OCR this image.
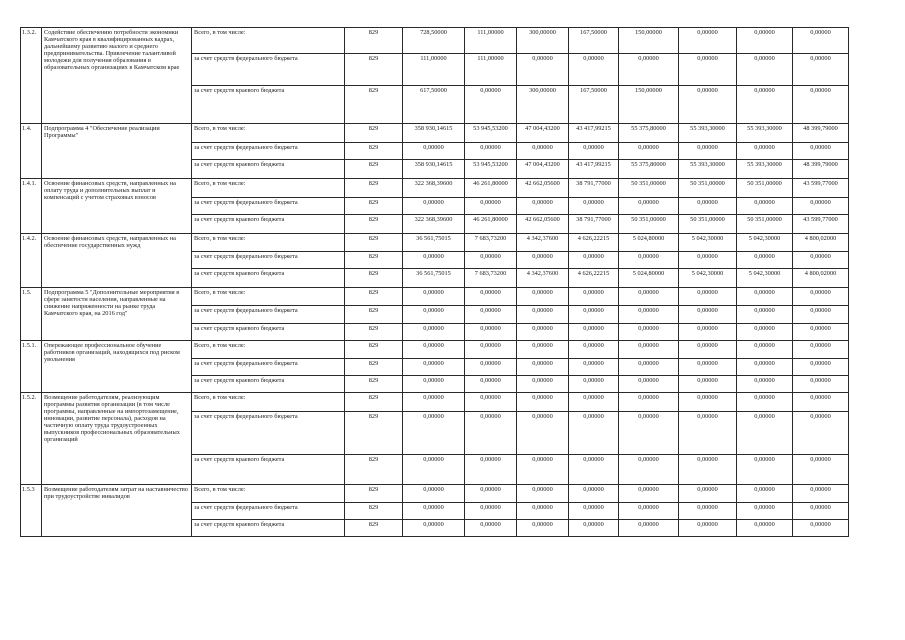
1.3.2.	Содействие обеспечению потребности экономики Камчатского края в квалифицированных кадрах, дальнейшему развитию малого и среднего предпринимательства. Привлечение талантливой молодежи для получения образования в образовательных организациях в Камчатском крае	Всего, в том числе:	829	728,50000	111,00000	300,00000	167,50000	150,00000	0,00000	0,00000	0,00000
		за счет средств федерального бюджета	829	111,00000	111,00000	0,00000	0,00000	0,00000	0,00000	0,00000	0,00000
		за счет средств краевого бюджета	829	617,50000	0,00000	300,00000	167,50000	150,00000	0,00000	0,00000	0,00000
1.4.	Подпрограмма 4 "Обеспечение реализации Программы"	Всего, в том числе:	829	358 930,14615	53 945,53200	47 004,43200	43 417,99215	55 375,80000	55 393,30000	55 393,30000	48 399,79000
		за счет средств федерального бюджета	829	0,00000	0,00000	0,00000	0,00000	0,00000	0,00000	0,00000	0,00000
		за счет средств краевого бюджета	829	358 930,14615	53 945,53200	47 004,43200	43 417,99215	55 375,80000	55 393,30000	55 393,30000	48 399,79000
1.4.1.	Освоение финансовых средств, направленных на оплату труда и дополнительных выплат и компенсаций с учетом страховых взносов	Всего, в том числе:	829	322 368,39600	46 261,80000	42 662,05600	38 791,77000	50 351,00000	50 351,00000	50 351,00000	43 599,77000
		за счет средств федерального бюджета	829	0,00000	0,00000	0,00000	0,00000	0,00000	0,00000	0,00000	0,00000
		за счет средств краевого бюджета	829	322 368,39600	46 261,80000	42 662,05600	38 791,77000	50 351,00000	50 351,00000	50 351,00000	43 599,77000
1.4.2.	Освоение финансовых средств, направленных на обеспечение государственных нужд	Всего, в том числе:	829	36 561,75015	7 683,73200	4 342,37600	4 626,22215	5 024,80000	5 042,30000	5 042,30000	4 800,02000
		за счет средств федерального бюджета	829	0,00000	0,00000	0,00000	0,00000	0,00000	0,00000	0,00000	0,00000
		за счет средств краевого бюджета	829	36 561,75015	7 683,73200	4 342,37600	4 626,22215	5 024,80000	5 042,30000	5 042,30000	4 800,02000
1.5.	Подпрограмма 5 "Дополнительные мероприятия в сфере занятости населения, направленные на снижение напряженности на рынке труда Камчатского края, на 2016 год"	Всего, в том числе:	829	0,00000	0,00000	0,00000	0,00000	0,00000	0,00000	0,00000	0,00000
		за счет средств федерального бюджета	829	0,00000	0,00000	0,00000	0,00000	0,00000	0,00000	0,00000	0,00000
		за счет средств краевого бюджета	829	0,00000	0,00000	0,00000	0,00000	0,00000	0,00000	0,00000	0,00000
1.5.1.	Опережающее профессиональное обучение работников организаций, находящихся под риском увольнения	Всего, в том числе:	829	0,00000	0,00000	0,00000	0,00000	0,00000	0,00000	0,00000	0,00000
		за счет средств федерального бюджета	829	0,00000	0,00000	0,00000	0,00000	0,00000	0,00000	0,00000	0,00000
		за счет средств краевого бюджета	829	0,00000	0,00000	0,00000	0,00000	0,00000	0,00000	0,00000	0,00000
1.5.2.	Возмещение работодателям, реализующим программы развития организации (в том числе программы, направленные на импортозамещение, инновации, развитие персонала), расходов на частичную оплату труда трудоустроенных выпускников профессиональных образовательных организаций	Всего, в том числе:	829	0,00000	0,00000	0,00000	0,00000	0,00000	0,00000	0,00000	0,00000
		за счет средств федерального бюджета	829	0,00000	0,00000	0,00000	0,00000	0,00000	0,00000	0,00000	0,00000
		за счет средств краевого бюджета	829	0,00000	0,00000	0,00000	0,00000	0,00000	0,00000	0,00000	0,00000
1.5.3	Возмещение работодателям затрат на наставничество при трудоустройстве инвалидов	Всего, в том числе:	829	0,00000	0,00000	0,00000	0,00000	0,00000	0,00000	0,00000	0,00000
		за счет средств федерального бюджета	829	0,00000	0,00000	0,00000	0,00000	0,00000	0,00000	0,00000	0,00000
		за счет средств краевого бюджета	829	0,00000	0,00000	0,00000	0,00000	0,00000	0,00000	0,00000	0,00000
